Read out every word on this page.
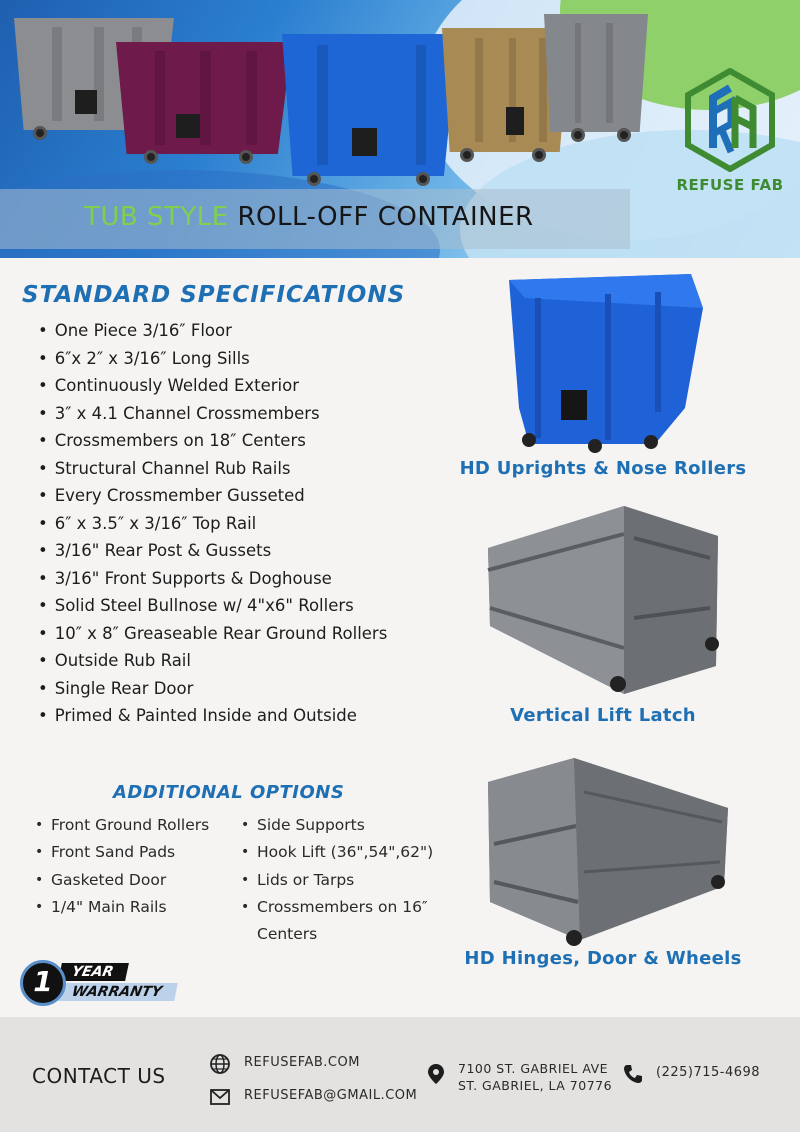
REFUSE FAB
TUB STYLE ROLL-OFF CONTAINER
STANDARD SPECIFICATIONS
• One Piece 3/16″ Floor
• 6″x 2″ x 3/16″ Long Sills
• Continuously Welded Exterior
• 3″ x 4.1 Channel Crossmembers
• Crossmembers on 18″ Centers
• Structural Channel Rub Rails
• Every Crossmember Gusseted
• 6″ x 3.5″ x 3/16″ Top Rail
• 3/16" Rear Post & Gussets
• 3/16" Front Supports & Doghouse
• Solid Steel Bullnose w/ 4"x6" Rollers
• 10″ x 8″ Greaseable Rear Ground Rollers
• Outside Rub Rail
• Single Rear Door
• Primed & Painted Inside and Outside
ADDITIONAL OPTIONS
• Front Ground Rollers
• Front Sand Pads
• Gasketed Door
• 1/4" Main Rails
• Side Supports
• Hook Lift (36",54",62")
• Lids or Tarps
• Crossmembers on 16″ Centers
YEAR
WARRANTY
1
HD Uprights & Nose Rollers
Vertical Lift Latch
HD Hinges, Door & Wheels
CONTACT US
REFUSEFAB.COM
REFUSEFAB@GMAIL.COM
7100 ST. GABRIEL AVE
ST. GABRIEL, LA 70776
(225)715-4698
